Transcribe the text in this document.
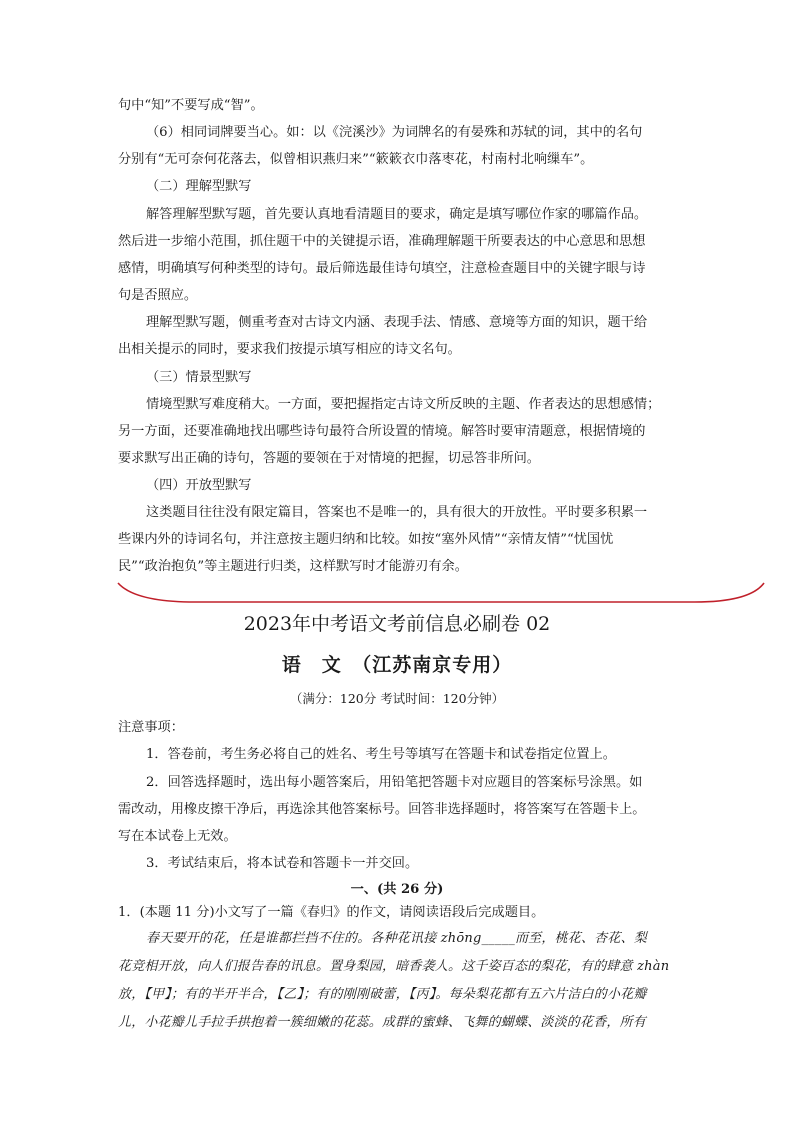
句中“知”不要写成“智”。
（6）相同词牌要当心。如：以《浣溪沙》为词牌名的有晏殊和苏轼的词，其中的名句
分别有“无可奈何花落去，似曾相识燕归来”“簌簌衣巾落枣花，村南村北响缫车”。
（二）理解型默写
解答理解型默写题，首先要认真地看清题目的要求，确定是填写哪位作家的哪篇作品。
然后进一步缩小范围，抓住题干中的关键提示语，准确理解题干所要表达的中心意思和思想
感情，明确填写何种类型的诗句。最后筛选最佳诗句填空，注意检查题目中的关键字眼与诗
句是否照应。
理解型默写题，侧重考查对古诗文内涵、表现手法、情感、意境等方面的知识，题干给
出相关提示的同时，要求我们按提示填写相应的诗文名句。
（三）情景型默写
情境型默写难度稍大。一方面，要把握指定古诗文所反映的主题、作者表达的思想感情；
另一方面，还要准确地找出哪些诗句最符合所设置的情境。解答时要审清题意，根据情境的
要求默写出正确的诗句，答题的要领在于对情境的把握，切忌答非所问。
（四）开放型默写
这类题目往往没有限定篇目，答案也不是唯一的，具有很大的开放性。平时要多积累一
些课内外的诗词名句，并注意按主题归纳和比较。如按“塞外风情”“亲情友情”“忧国忧
民”“政治抱负”等主题进行归类，这样默写时才能游刃有余。
2023年中考语文考前信息必刷卷 02
语　文　（江苏南京专用）
（满分：120分 考试时间：120分钟）
注意事项：
1．答卷前，考生务必将自己的姓名、考生号等填写在答题卡和试卷指定位置上。
2．回答选择题时，选出每小题答案后，用铅笔把答题卡对应题目的答案标号涂黑。如
需改动，用橡皮擦干净后，再选涂其他答案标号。回答非选择题时，将答案写在答题卡上。
写在本试卷上无效。
3．考试结束后，将本试卷和答题卡一并交回。
一、(共 26 分)
1．(本题 11 分)小文写了一篇《春归》的作文，请阅读语段后完成题目。
春天要开的花，任是谁都拦挡不住的。各种花讯接 zhōng_____而至，桃花、杏花、梨
花竞相开放，向人们报告春的讯息。置身梨园，暗香袭人。这千姿百态的梨花，有的肆意 zhàn
放，【甲】；有的半开半合，【乙】；有的刚刚破蕾，【丙】。每朵梨花都有五六片洁白的小花瓣
儿，小花瓣儿手拉手拱抱着一簇细嫩的花蕊。成群的蜜蜂、飞舞的蝴蝶、淡淡的花香，所有
